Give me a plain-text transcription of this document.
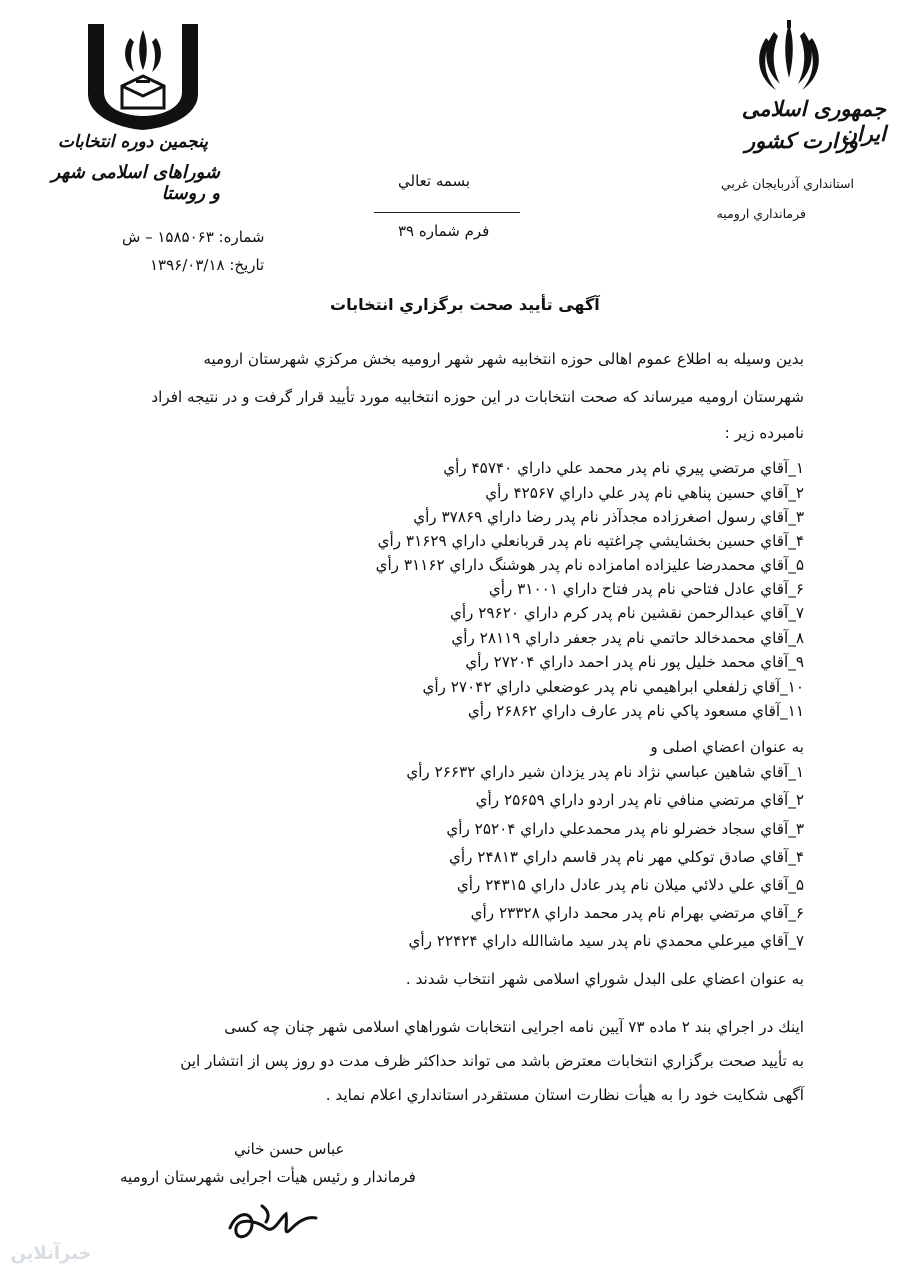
جمهوری اسلامی ایران
وزارت کشور
استانداري آذربايجان غربي
فرمانداري اروميه
پنجمین دوره انتخابات
شوراهای اسلامی شهر و روستا
بسمه تعالي
فرم شماره ۳۹
شماره: ۱۵۸۵۰۶۳ – ش
تاريخ: ۱۳۹۶/۰۳/۱۸
آگهی تأیید صحت برگزاري انتخابات
بدين وسيله به اطلاع عموم اهالی حوزه انتخابيه شهر شهر اروميه بخش مركزي شهرستان اروميه
شهرستان اروميه ميرساند كه صحت انتخابات در اين حوزه انتخابيه مورد تأييد قرار گرفت و در نتيجه افراد
نامبرده زير :
۱_آقاي مرتضي پيري نام پدر محمد علي داراي ۴۵۷۴۰ رأي
۲_آقاي حسين پناهي نام پدر علي داراي ۴۲۵۶۷ رأي
۳_آقاي رسول اصغرزاده مجدآذر نام پدر رضا داراي ۳۷۸۶۹ رأي
۴_آقاي حسين بخشايشي چراغتپه نام پدر قربانعلي داراي ۳۱۶۲۹ رأي
۵_آقاي محمدرضا عليزاده امامزاده نام پدر هوشنگ داراي ۳۱۱۶۲ رأي
۶_آقاي عادل فتاحي نام پدر فتاح داراي ۳۱۰۰۱ رأي
۷_آقاي عبدالرحمن نقشين نام پدر كرم داراي ۲۹۶۲۰ رأي
۸_آقاي محمدخالد حاتمي نام پدر جعفر داراي ۲۸۱۱۹ رأي
۹_آقاي محمد خليل پور نام پدر احمد داراي ۲۷۲۰۴ رأي
۱۰_آقاي زلفعلي ابراهيمي نام پدر عوضعلي داراي ۲۷۰۴۲ رأي
۱۱_آقاي مسعود پاكي نام پدر عارف داراي ۲۶۸۶۲ رأي
به عنوان اعضاي اصلی و
۱_آقاي شاهين عباسي نژاد نام پدر يزدان شير داراي ۲۶۶۳۲ رأي
۲_آقاي مرتضي منافي نام پدر اردو داراي ۲۵۶۵۹ رأي
۳_آقاي سجاد خضرلو نام پدر محمدعلي داراي ۲۵۲۰۴ رأي
۴_آقاي صادق توكلي مهر نام پدر قاسم داراي ۲۴۸۱۳ رأي
۵_آقاي علي دلائي ميلان نام پدر عادل داراي ۲۴۳۱۵ رأي
۶_آقاي مرتضي بهرام نام پدر محمد داراي ۲۳۳۲۸ رأي
۷_آقاي ميرعلي محمدي نام پدر سيد ماشاالله داراي ۲۲۴۲۴ رأي
به عنوان اعضاي علی البدل شوراي اسلامی شهر انتخاب شدند .
اينك در اجراي بند ۲ ماده ۷۳ آيين نامه اجرايی انتخابات شوراهاي اسلامی شهر چنان چه كسی
به تأييد صحت برگزاري انتخابات معترض باشد می تواند حداكثر ظرف مدت دو روز پس از انتشار اين
آگهی شكايت خود را به هيأت نظارت استان مستقردر استانداري اعلام نمايد .
عباس حسن خاني
فرماندار و رئيس هيأت اجرايی شهرستان اروميه
خبرآنلاین
